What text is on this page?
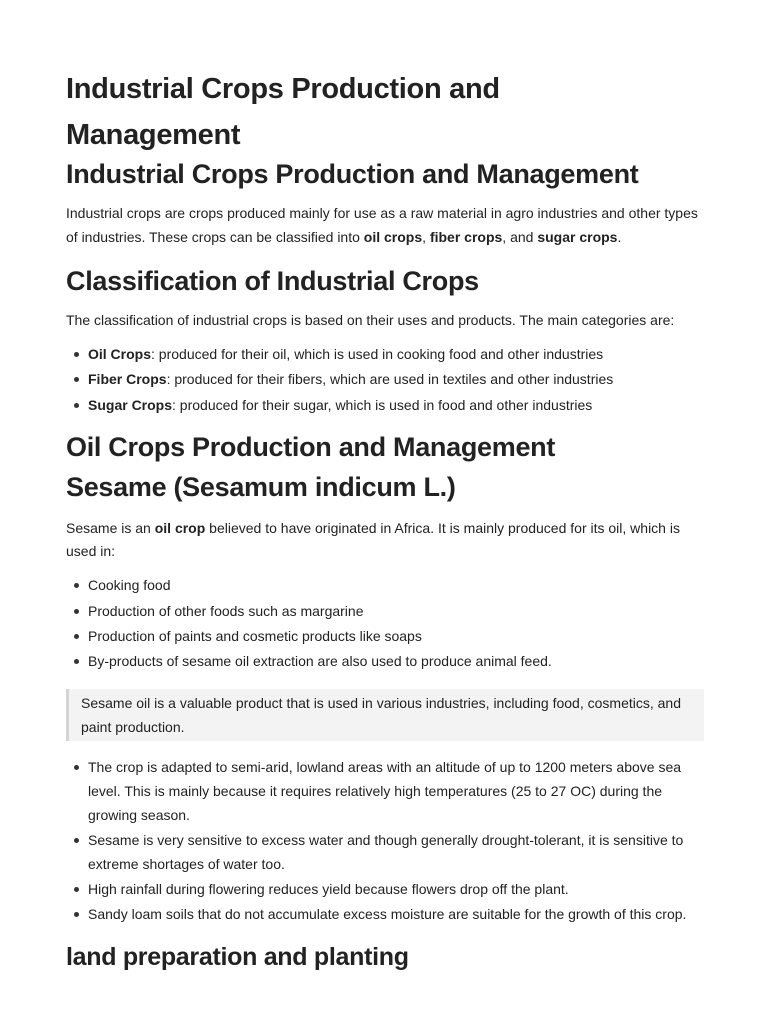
Industrial Crops Production and Management
Industrial Crops Production and Management

Industrial crops are crops produced mainly for use as a raw material in agro industries and other types of industries. These crops can be classified into oil crops, fiber crops, and sugar crops.

Classification of Industrial Crops

The classification of industrial crops is based on their uses and products. The main categories are:

Oil Crops: produced for their oil, which is used in cooking food and other industries
Fiber Crops: produced for their fibers, which are used in textiles and other industries
Sugar Crops: produced for their sugar, which is used in food and other industries
Oil Crops Production and Management
Sesame (Sesamum indicum L.)

Sesame is an oil crop believed to have originated in Africa. It is mainly produced for its oil, which is used in:

Cooking food
Production of other foods such as margarine
Production of paints and cosmetic products like soaps
By-products of sesame oil extraction are also used to produce animal feed.
Sesame oil is a valuable product that is used in various industries, including food, cosmetics, and paint production.
The crop is adapted to semi-arid, lowland areas with an altitude of up to 1200 meters above sea level. This is mainly because it requires relatively high temperatures (25 to 27 OC) during the growing season.
Sesame is very sensitive to excess water and though generally drought-tolerant, it is sensitive to extreme shortages of water too.
High rainfall during flowering reduces yield because flowers drop off the plant.
Sandy loam soils that do not accumulate excess moisture are suitable for the growth of this crop.
land preparation and planting
